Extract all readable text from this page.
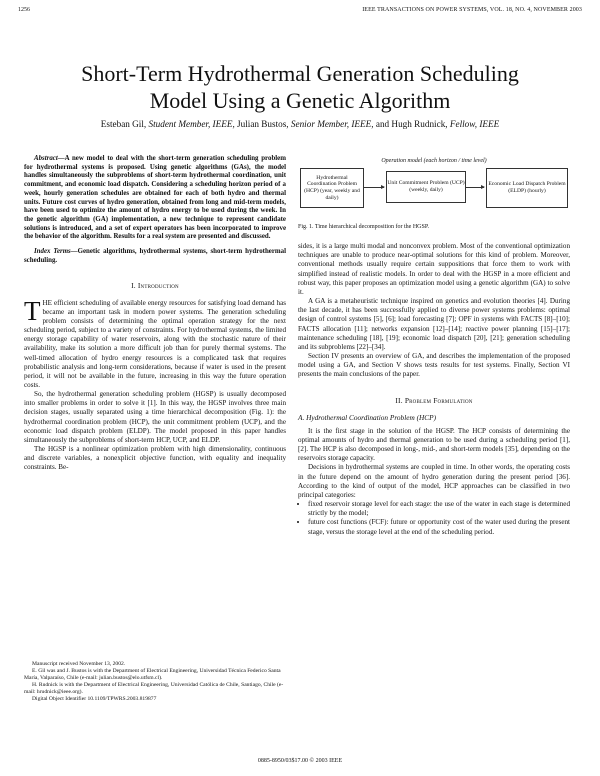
1256	IEEE TRANSACTIONS ON POWER SYSTEMS, VOL. 18, NO. 4, NOVEMBER 2003
Short-Term Hydrothermal Generation Scheduling
Model Using a Genetic Algorithm
Esteban Gil, Student Member, IEEE, Julian Bustos, Senior Member, IEEE, and Hugh Rudnick, Fellow, IEEE

Abstract—A new model to deal with the short-term generation scheduling problem for hydrothermal systems is proposed. Using genetic algorithms (GAs), the model handles simultaneously the subproblems of short-term hydrothermal coordination, unit commitment, and economic load dispatch. Considering a scheduling horizon period of a week, hourly generation schedules are obtained for each of both hydro and thermal units. Future cost curves of hydro generation, obtained from long and mid-term models, have been used to optimize the amount of hydro energy to be used during the week. In the genetic algorithm (GA) implementation, a new technique to represent candidate solutions is introduced, and a set of expert operators has been incorporated to improve the behavior of the algorithm. Results for a real system are presented and discussed.

Index Terms—Genetic algorithms, hydrothermal systems, short-term hydrothermal scheduling.

I. Introduction

THE efficient scheduling of available energy resources for satisfying load demand has became an important task in modern power systems. The generation scheduling problem consists of determining the optimal operation strategy for the next scheduling period, subject to a variety of constraints. For hydrothermal systems, the limited energy storage capability of water reservoirs, along with the stochastic nature of their availability, make its solution a more difficult job than for purely thermal systems. The well-timed allocation of hydro energy resources is a complicated task that requires probabilistic analysis and long-term considerations, because if water is used in the present period, it will not be available in the future, increasing in this way the future operation costs.

So, the hydrothermal generation scheduling problem (HGSP) is usually decomposed into smaller problems in order to solve it [1]. In this way, the HGSP involves three main decision stages, usually separated using a time hierarchical decomposition (Fig. 1): the hydrothermal coordination problem (HCP), the unit commitment problem (UCP), and the economic load dispatch problem (ELDP). The model proposed in this paper handles simultaneously the subproblems of short-term HCP, UCP, and ELDP.

The HGSP is a nonlinear optimization problem with high dimensionality, continuous and discrete variables, a nonexplicit objective function, with equality and inequality constraints. Be-

Manuscript received November 13, 2002.

E. Gil was and J. Bustos is with the Department of Electrical Engineering, Universidad Técnica Federico Santa María, Valparaíso, Chile (e-mail: julian.bustos@elo.utfsm.cl).

H. Rudnick is with the Department of Electrical Engineering, Universidad Católica de Chile, Santiago, Chile (e-mail: hrudnick@ieee.org).

Digital Object Identifier 10.1109/TPWRS.2003.819877

Operation model (each horizon / time level)
Hydrothermal Coordination Problem (HCP) (year, weekly and daily)
Unit Commitment Problem (UCP) (weekly, daily)
Economic Load Dispatch Problem (ELDP) (hourly)
Fig. 1. Time hierarchical decomposition for the HGSP.

sides, it is a large multi modal and nonconvex problem. Most of the conventional optimization techniques are unable to produce near-optimal solutions for this kind of problem. Moreover, conventional methods usually require certain suppositions that force them to work with simplified instead of realistic models. In order to deal with the HGSP in a more efficient and robust way, this paper proposes an optimization model using a genetic algorithm (GA) to solve it.

A GA is a metaheuristic technique inspired on genetics and evolution theories [4]. During the last decade, it has been successfully applied to diverse power systems problems: optimal design of control systems [5], [6]; load forecasting [7]; OPF in systems with FACTS [8]–[10]; FACTS allocation [11]; networks expansion [12]–[14]; reactive power planning [15]–[17]; maintenance scheduling [18], [19]; economic load dispatch [20], [21]; generation scheduling and its subproblems [22]–[34].

Section IV presents an overview of GA, and describes the implementation of the proposed model using a GA, and Section V shows tests results for test systems. Finally, Section VI presents the main conclusions of the paper.

II. Problem Formulation
A. Hydrothermal Coordination Problem (HCP)

It is the first stage in the solution of the HGSP. The HCP consists of determining the optimal amounts of hydro and thermal generation to be used during a scheduling period [1], [2]. The HCP is also decomposed in long-, mid-, and short-term models [35], depending on the reservoirs storage capacity.

Decisions in hydrothermal systems are coupled in time. In other words, the operating costs in the future depend on the amount of hydro generation during the present period [36]. According to the kind of output of the model, HCP approaches can be classified in two principal categories:

• fixed reservoir storage level for each stage: the use of the water in each stage is determined strictly by the model;
• future cost functions (FCF): future or opportunity cost of the water used during the present stage, versus the storage level at the end of the scheduling period.
0885-8950/03$17.00 © 2003 IEEE
